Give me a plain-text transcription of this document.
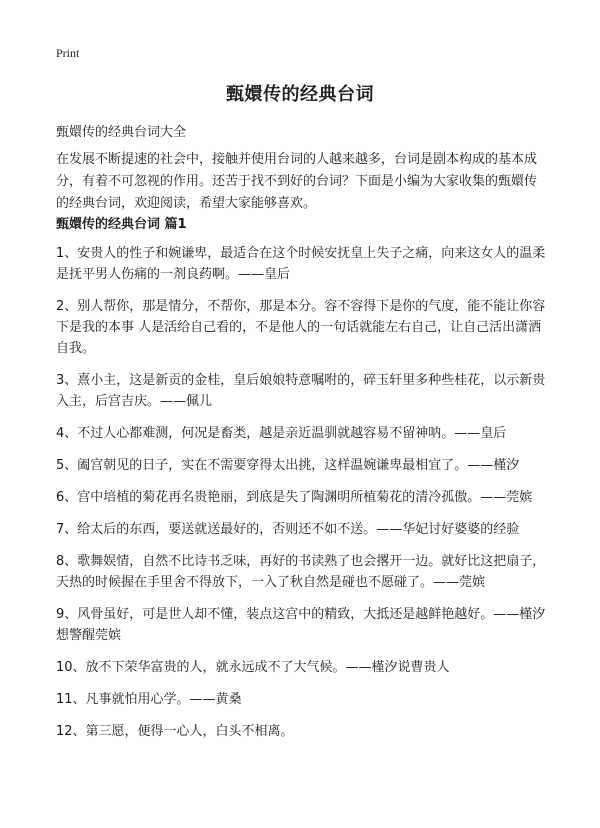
Print
甄嬛传的经典台词
甄嬛传的经典台词大全

在发展不断提速的社会中，接触并使用台词的人越来越多，台词是剧本构成的基本成分，有着不可忽视的作用。还苦于找不到好的台词？下面是小编为大家收集的甄嬛传的经典台词，欢迎阅读，希望大家能够喜欢。

甄嬛传的经典台词 篇1

1、安贵人的性子和婉谦卑，最适合在这个时候安抚皇上失子之痛，向来这女人的温柔是抚平男人伤痛的一剂良药啊。——皇后

2、别人帮你，那是情分，不帮你，那是本分。容不容得下是你的气度，能不能让你容下是我的本事 人是活给自己看的，不是他人的一句话就能左右自己，让自己活出潇洒自我。

3、熹小主，这是新贡的金桂，皇后娘娘特意嘱咐的，碎玉轩里多种些桂花，以示新贵入主，后宫吉庆。——佩儿

4、不过人心都难测，何况是畜类，越是亲近温驯就越容易不留神呐。——皇后

5、阖宫朝见的日子，实在不需要穿得太出挑，这样温婉谦卑最相宜了。——槿汐

6、宫中培植的菊花再名贵艳丽，到底是失了陶渊明所植菊花的清冷孤傲。——莞嫔

7、给太后的东西，要送就送最好的，否则还不如不送。——华妃讨好婆婆的经验

8、歌舞娱情，自然不比诗书乏味，再好的书读熟了也会撂开一边。就好比这把扇子，天热的时候握在手里舍不得放下，一入了秋自然是碰也不愿碰了。——莞嫔

9、风骨虽好，可是世人却不懂，装点这宫中的精致，大抵还是越鲜艳越好。——槿汐想警醒莞嫔

10、放不下荣华富贵的人，就永远成不了大气候。——槿汐说曹贵人

11、凡事就怕用心学。——黄桑

12、第三愿，便得一心人，白头不相离。
